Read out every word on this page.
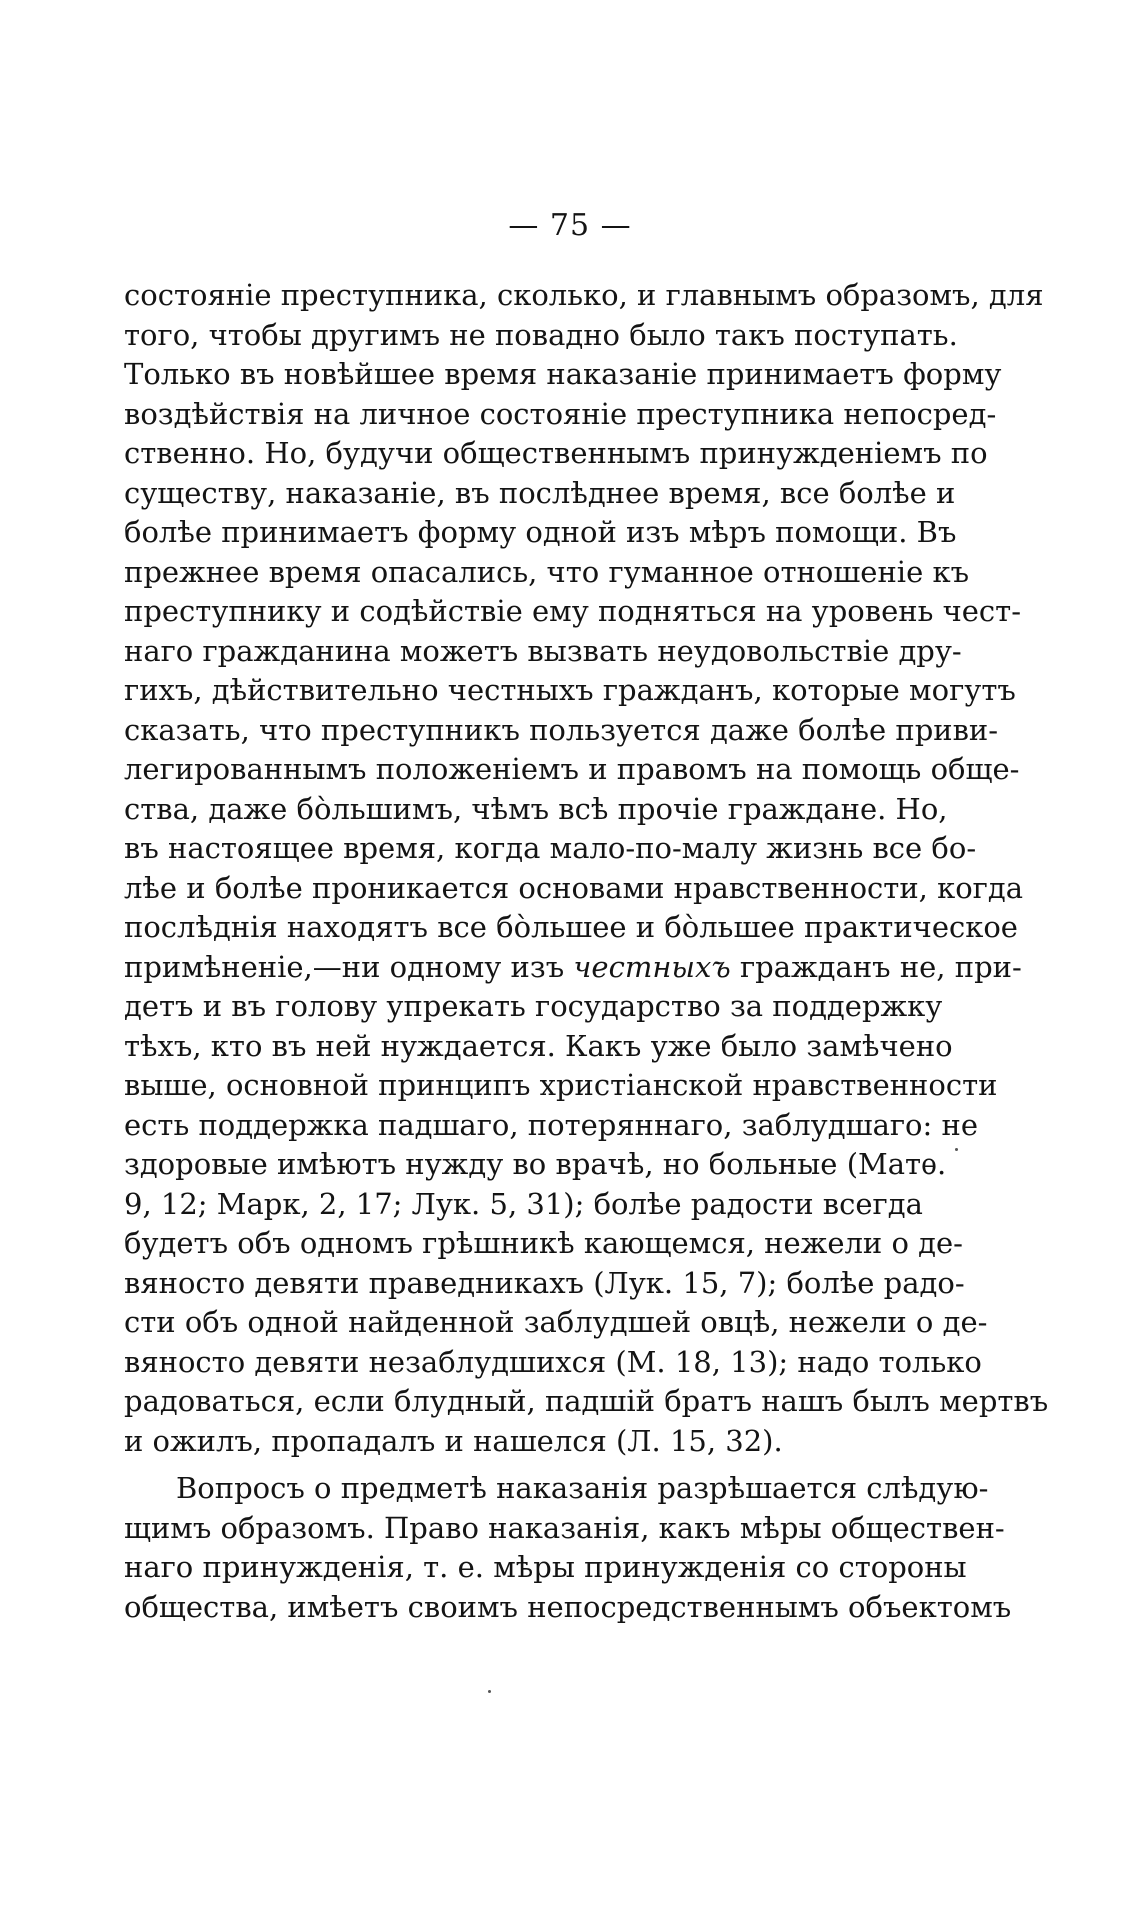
— 75 —
состоянiе преступника, сколько, и главнымъ образомъ, для
того, чтобы другимъ не повадно было такъ поступать.
Только въ новѣйшее время наказанiе принимаетъ форму
воздѣйствiя на личное состоянiе преступника непосред-
ственно. Но, будучи общественнымъ принужденiемъ по
существу, наказанiе, въ послѣднее время, все болѣе и
болѣе принимаетъ форму одной изъ мѣръ помощи. Въ
прежнее время опасались, что гуманное отношенiе къ
преступнику и содѣйствiе ему подняться на уровень чест-
наго гражданина можетъ вызвать неудовольствiе дру-
гихъ, дѣйствительно честныхъ гражданъ, которые могутъ
сказать, что преступникъ пользуется даже болѣе приви-
легированнымъ положенiемъ и правомъ на помощь обще-
ства, даже бо̀льшимъ, чѣмъ всѣ прочiе граждане. Но,
въ настоящее время, когда мало-по-малу жизнь все бо-
лѣе и болѣе проникается основами нравственности, когда
послѣднiя находятъ все бо̀льшее и бо̀льшее практическое
примѣненiе,—ни одному изъ честныхъ гражданъ не, при-
детъ и въ голову упрекать государство за поддержку
тѣхъ, кто въ ней нуждается. Какъ уже было замѣчено
выше, основной принципъ христiанской нравственности
есть поддержка падшаго, потеряннаго, заблудшаго: не
здоровые имѣютъ нужду во врачѣ, но больные (Матѳ.
9, 12; Марк, 2, 17; Лук. 5, 31); болѣе радости всегда
будетъ объ одномъ грѣшникѣ кающемся, нежели о де-
вяносто девяти праведникахъ (Лук. 15, 7); болѣе радо-
сти объ одной найденной заблудшей овцѣ, нежели о де-
вяносто девяти незаблудшихся (М. 18, 13); надо только
радоваться, если блудный, падшiй братъ нашъ былъ мертвъ
и ожилъ, пропадалъ и нашелся (Л. 15, 32).
Вопросъ о предметѣ наказанiя разрѣшается слѣдую-
щимъ образомъ. Право наказанiя, какъ мѣры обществен-
наго принужденiя, т. е. мѣры принужденiя со стороны
общества, имѣетъ своимъ непосредственнымъ объектомъ
